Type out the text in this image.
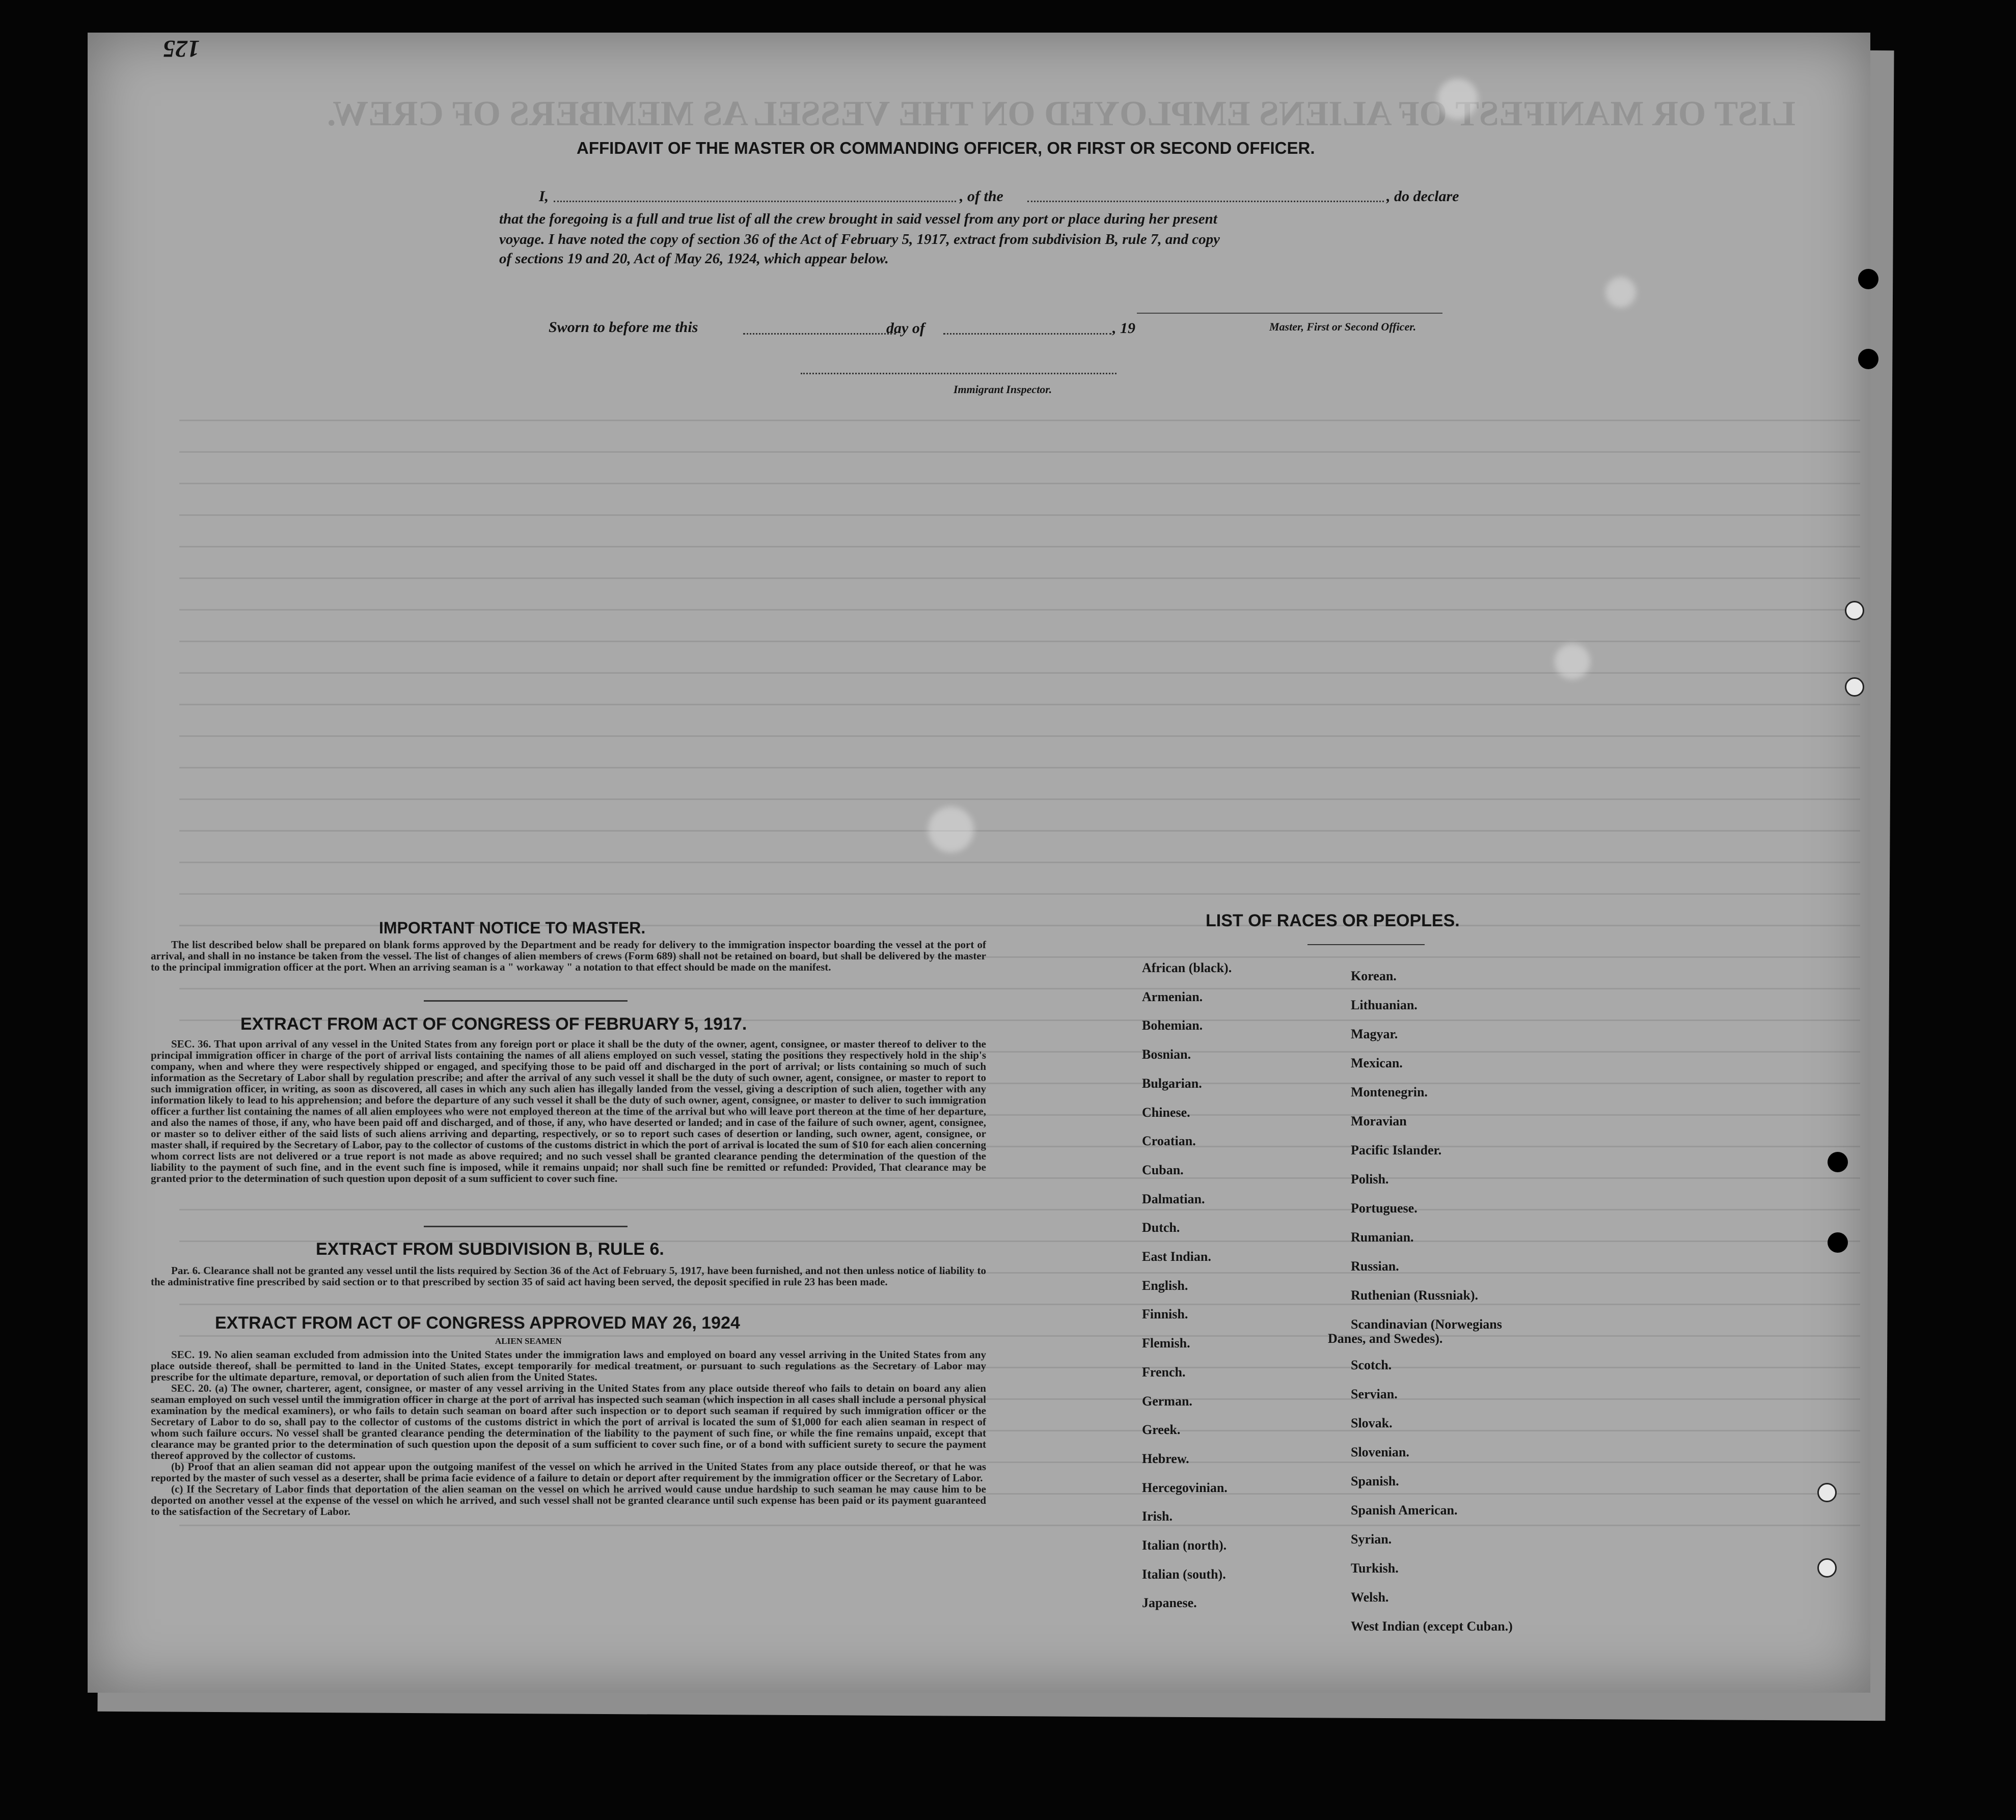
LIST OR MANIFEST OF ALIENS EMPLOYED ON THE VESSEL AS MEMBERS OF CREW.
125
AFFIDAVIT OF THE MASTER OR COMMANDING OFFICER, OR FIRST OR SECOND OFFICER.
I,	, of the	, do declare
that the foregoing is a full and true list of all the crew brought in said vessel from any port or place during her present
voyage. I have noted the copy of section 36 of the Act of February 5, 1917, extract from subdivision B, rule 7, and copy
of sections 19 and 20, Act of May 26, 1924, which appear below.
Master, First or Second Officer.
Sworn to before me this	day of	, 19
Immigrant Inspector.
IMPORTANT NOTICE TO MASTER.

The list described below shall be prepared on blank forms approved by the Department and be ready for delivery to the immigration inspector boarding the vessel at the port of arrival, and shall in no instance be taken from the vessel. The list of changes of alien members of crews (Form 689) shall not be retained on board, but shall be delivered by the master to the principal immigration officer at the port. When an arriving seaman is a " workaway " a notation to that effect should be made on the manifest.

EXTRACT FROM ACT OF CONGRESS OF FEBRUARY 5, 1917.

SEC. 36. That upon arrival of any vessel in the United States from any foreign port or place it shall be the duty of the owner, agent, consignee, or master thereof to deliver to the principal immigration officer in charge of the port of arrival lists containing the names of all aliens employed on such vessel, stating the positions they respectively hold in the ship's company, when and where they were respectively shipped or engaged, and specifying those to be paid off and discharged in the port of arrival; or lists containing so much of such information as the Secretary of Labor shall by regulation prescribe; and after the arrival of any such vessel it shall be the duty of such owner, agent, consignee, or master to report to such immigration officer, in writing, as soon as discovered, all cases in which any such alien has illegally landed from the vessel, giving a description of such alien, together with any information likely to lead to his apprehension; and before the departure of any such vessel it shall be the duty of such owner, agent, consignee, or master to deliver to such immigration officer a further list containing the names of all alien employees who were not employed thereon at the time of the arrival but who will leave port thereon at the time of her departure, and also the names of those, if any, who have been paid off and discharged, and of those, if any, who have deserted or landed; and in case of the failure of such owner, agent, consignee, or master so to deliver either of the said lists of such aliens arriving and departing, respectively, or so to report such cases of desertion or landing, such owner, agent, consignee, or master shall, if required by the Secretary of Labor, pay to the collector of customs of the customs district in which the port of arrival is located the sum of $10 for each alien concerning whom correct lists are not delivered or a true report is not made as above required; and no such vessel shall be granted clearance pending the determination of the question of the liability to the payment of such fine, and in the event such fine is imposed, while it remains unpaid; nor shall such fine be remitted or refunded: Provided, That clearance may be granted prior to the determination of such question upon deposit of a sum sufficient to cover such fine.

EXTRACT FROM SUBDIVISION B, RULE 6.

Par. 6. Clearance shall not be granted any vessel until the lists required by Section 36 of the Act of February 5, 1917, have been furnished, and not then unless notice of liability to the administrative fine prescribed by said section or to that prescribed by section 35 of said act having been served, the deposit specified in rule 23 has been made.

EXTRACT FROM ACT OF CONGRESS APPROVED MAY 26, 1924
ALIEN SEAMEN

SEC. 19. No alien seaman excluded from admission into the United States under the immigration laws and employed on board any vessel arriving in the United States from any place outside thereof, shall be permitted to land in the United States, except temporarily for medical treatment, or pursuant to such regulations as the Secretary of Labor may prescribe for the ultimate departure, removal, or deportation of such alien from the United States.

SEC. 20. (a) The owner, charterer, agent, consignee, or master of any vessel arriving in the United States from any place outside thereof who fails to detain on board any alien seaman employed on such vessel until the immigration officer in charge at the port of arrival has inspected such seaman (which inspection in all cases shall include a personal physical examination by the medical examiners), or who fails to detain such seaman on board after such inspection or to deport such seaman if required by such immigration officer or the Secretary of Labor to do so, shall pay to the collector of customs of the customs district in which the port of arrival is located the sum of $1,000 for each alien seaman in respect of whom such failure occurs. No vessel shall be granted clearance pending the determination of the liability to the payment of such fine, or while the fine remains unpaid, except that clearance may be granted prior to the determination of such question upon the deposit of a sum sufficient to cover such fine, or of a bond with sufficient surety to secure the payment thereof approved by the collector of customs.

(b) Proof that an alien seaman did not appear upon the outgoing manifest of the vessel on which he arrived in the United States from any place outside thereof, or that he was reported by the master of such vessel as a deserter, shall be prima facie evidence of a failure to detain or deport after requirement by the immigration officer or the Secretary of Labor.

(c) If the Secretary of Labor finds that deportation of the alien seaman on the vessel on which he arrived would cause undue hardship to such seaman he may cause him to be deported on another vessel at the expense of the vessel on which he arrived, and such vessel shall not be granted clearance until such expense has been paid or its payment guaranteed to the satisfaction of the Secretary of Labor.

LIST OF RACES OR PEOPLES.
African (black).
Armenian.
Bohemian.
Bosnian.
Bulgarian.
Chinese.
Croatian.
Cuban.
Dalmatian.
Dutch.
East Indian.
English.
Finnish.
Flemish.
French.
German.
Greek.
Hebrew.
Hercegovinian.
Irish.
Italian (north).
Italian (south).
Japanese.
Korean.
Lithuanian.
Magyar.
Mexican.
Montenegrin.
Moravian
Pacific Islander.
Polish.
Portuguese.
Rumanian.
Russian.
Ruthenian (Russniak).
Scandinavian (Norwegians
Danes, and Swedes).
Scotch.
Servian.
Slovak.
Slovenian.
Spanish.
Spanish American.
Syrian.
Turkish.
Welsh.
West Indian (except Cuban.)
